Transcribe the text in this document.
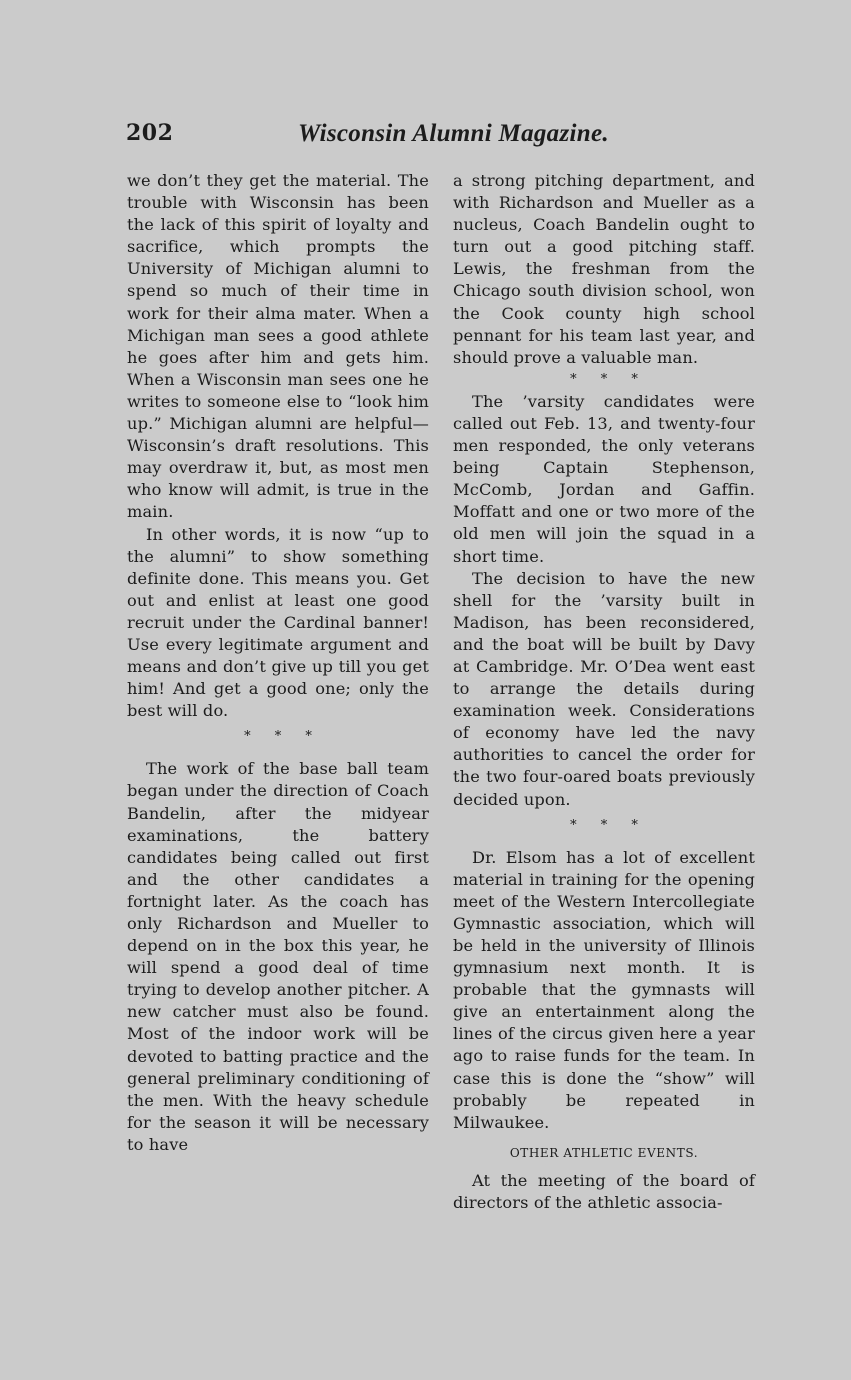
202	Wisconsin Alumni Magazine.

we don’t they get the material. The trouble with Wisconsin has been the lack of this spirit of loyalty and sacrifice, which prompts the University of Michigan alumni to spend so much of their time in work for their alma mater. When a Michigan man sees a good athlete he goes after him and gets him. When a Wisconsin man sees one he writes to someone else to “look him up.” Michigan alumni are helpful—Wisconsin’s draft resolutions. This may overdraw it, but, as most men who know will admit, is true in the main.

In other words, it is now “up to the alumni” to show something definite done. This means you. Get out and enlist at least one good recruit under the Cardinal banner! Use every legitimate argument and means and don’t give up till you get him! And get a good one; only the best will do.

* * *

The work of the base ball team began under the direction of Coach Bandelin, after the midyear examinations, the battery candidates being called out first and the other candidates a fortnight later. As the coach has only Richardson and Mueller to depend on in the box this year, he will spend a good deal of time trying to develop another pitcher. A new catcher must also be found. Most of the indoor work will be devoted to batting practice and the general preliminary conditioning of the men. With the heavy schedule for the season it will be necessary to have

a strong pitching department, and with Richardson and Mueller as a nucleus, Coach Bandelin ought to turn out a good pitching staff. Lewis, the freshman from the Chicago south division school, won the Cook county high school pennant for his team last year, and should prove a valuable man.

* * *

The ’varsity candidates were called out Feb. 13, and twenty-four men responded, the only veterans being Captain Stephenson, McComb, Jordan and Gaffin. Moffatt and one or two more of the old men will join the squad in a short time.

The decision to have the new shell for the ’varsity built in Madison, has been reconsidered, and the boat will be built by Davy at Cambridge. Mr. O’Dea went east to arrange the details during examination week. Considerations of economy have led the navy authorities to cancel the order for the two four-oared boats previously decided upon.

* * *

Dr. Elsom has a lot of excellent material in training for the opening meet of the Western Intercollegiate Gymnastic association, which will be held in the university of Illinois gymnasium next month. It is probable that the gymnasts will give an entertainment along the lines of the circus given here a year ago to raise funds for the team. In case this is done the “show” will probably be repeated in Milwaukee.

OTHER ATHLETIC EVENTS.

At the meeting of the board of directors of the athletic associa-
